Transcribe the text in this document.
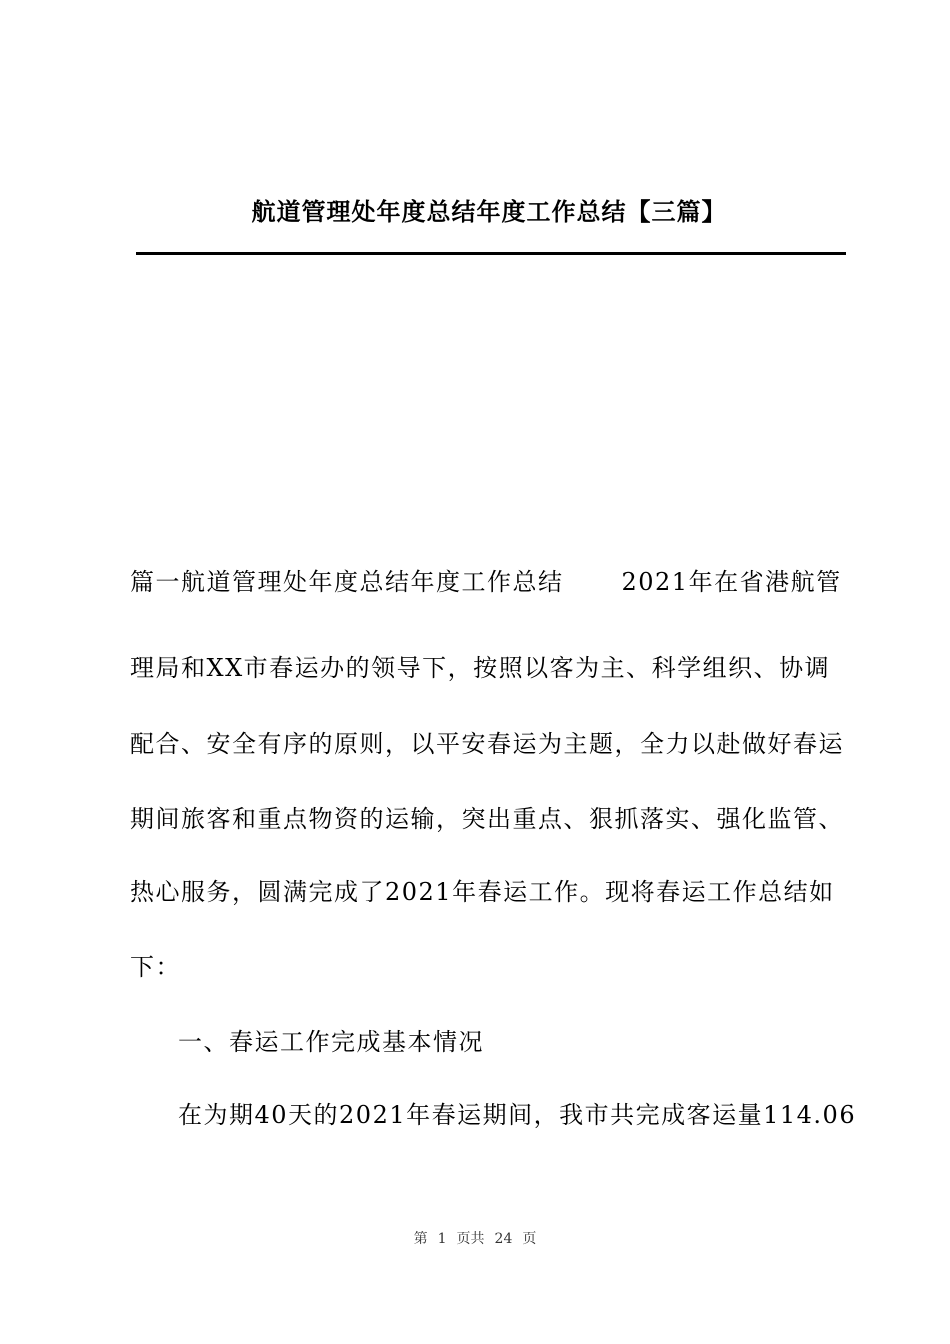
航道管理处年度总结年度工作总结【三篇】
篇一航道管理处年度总结年度工作总结 2021年在省港航管
理局和XX市春运办的领导下，按照以客为主、科学组织、协调
配合、安全有序的原则，以平安春运为主题，全力以赴做好春运
期间旅客和重点物资的运输，突出重点、狠抓落实、强化监管、
热心服务，圆满完成了2021年春运工作。现将春运工作总结如
下：
一、春运工作完成基本情况
在为期40天的2021年春运期间，我市共完成客运量114.06
第 1 页共 24 页
